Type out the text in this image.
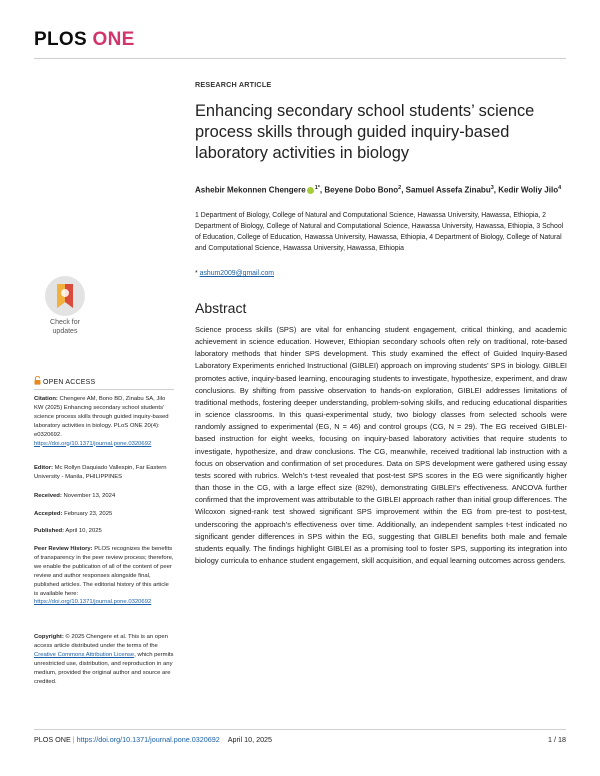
PLOS ONE
RESEARCH ARTICLE
Enhancing secondary school students’ science process skills through guided inquiry-based laboratory activities in biology
Ashebir Mekonnen Chengere $^{1*}$, Beyene Dobo Bono$^2$, Samuel Assefa Zinabu$^3$, Kedir Woliy Jilo$^4$
1 Department of Biology, College of Natural and Computational Science, Hawassa University, Hawassa, Ethiopia, 2 Department of Biology, College of Natural and Computational Science, Hawassa University, Hawassa, Ethiopia, 3 School of Education, College of Education, Hawassa University, Hawassa, Ethiopia, 4 Department of Biology, College of Natural and Computational Science, Hawassa University, Hawassa, Ethiopia
* ashum2009@gmail.com
Check for
updates
OPEN ACCESS
Citation: Chengere AM, Bono BD, Zinabu SA, Jilo KW (2025) Enhancing secondary school students’ science process skills through guided inquiry-based laboratory activities in biology. PLoS ONE 20(4): e0320692. https://doi.org/10.1371/journal.pone.0320692
Editor: Mc Rollyn Daquiado Vallespin, Far Eastern University - Manila, PHILIPPINES
Received: November 13, 2024
Accepted: February 23, 2025
Published: April 10, 2025
Peer Review History: PLOS recognizes the benefits of transparency in the peer review process; therefore, we enable the publication of all of the content of peer review and author responses alongside final, published articles. The editorial history of this article is available here: https://doi.org/10.1371/journal.pone.0320692
Copyright: © 2025 Chengere et al. This is an open access article distributed under the terms of the Creative Commons Attribution License, which permits unrestricted use, distribution, and reproduction in any medium, provided the original author and source are credited.
Abstract
Science process skills (SPS) are vital for enhancing student engagement, critical thinking, and academic achievement in science education. However, Ethiopian secondary schools often rely on traditional, rote-based laboratory methods that hinder SPS development. This study examined the effect of Guided Inquiry-Based Laboratory Experiments enriched Instructional (GIBLEI) approach on improving students’ SPS in biology. GIBLEI promotes active, inquiry-based learning, encouraging students to investigate, hypothesize, experiment, and draw conclusions. By shifting from passive observation to hands-on exploration, GIBLEI addresses limitations of traditional methods, fostering deeper understanding, problem-solving skills, and reducing educational disparities in science classrooms. In this quasi-experimental study, two biology classes from selected schools were randomly assigned to experimental (EG, N = 46) and control groups (CG, N = 29). The EG received GIBLEI-based instruction for eight weeks, focusing on inquiry-based laboratory activities that require students to investigate, hypothesize, and draw conclusions. The CG, meanwhile, received traditional lab instruction with a focus on observation and confirmation of set procedures. Data on SPS development were gathered using essay tests scored with rubrics. Welch’s t-test revealed that post-test SPS scores in the EG were significantly higher than those in the CG, with a large effect size (82%), demonstrating GIBLEI’s effectiveness. ANCOVA further confirmed that the improvement was attributable to the GIBLEI approach rather than initial group differences. The Wilcoxon signed-rank test showed significant SPS improvement within the EG from pre-test to post-test, underscoring the approach’s effectiveness over time. Additionally, an independent samples t-test indicated no significant gender differences in SPS within the EG, suggesting that GIBLEI benefits both male and female students equally. The findings highlight GIBLEI as a promising tool to foster SPS, supporting its integration into biology curricula to enhance student engagement, skill acquisition, and equal learning outcomes across genders.
PLOS ONE | https://doi.org/10.1371/journal.pone.0320692 April 10, 2025	1 / 18
